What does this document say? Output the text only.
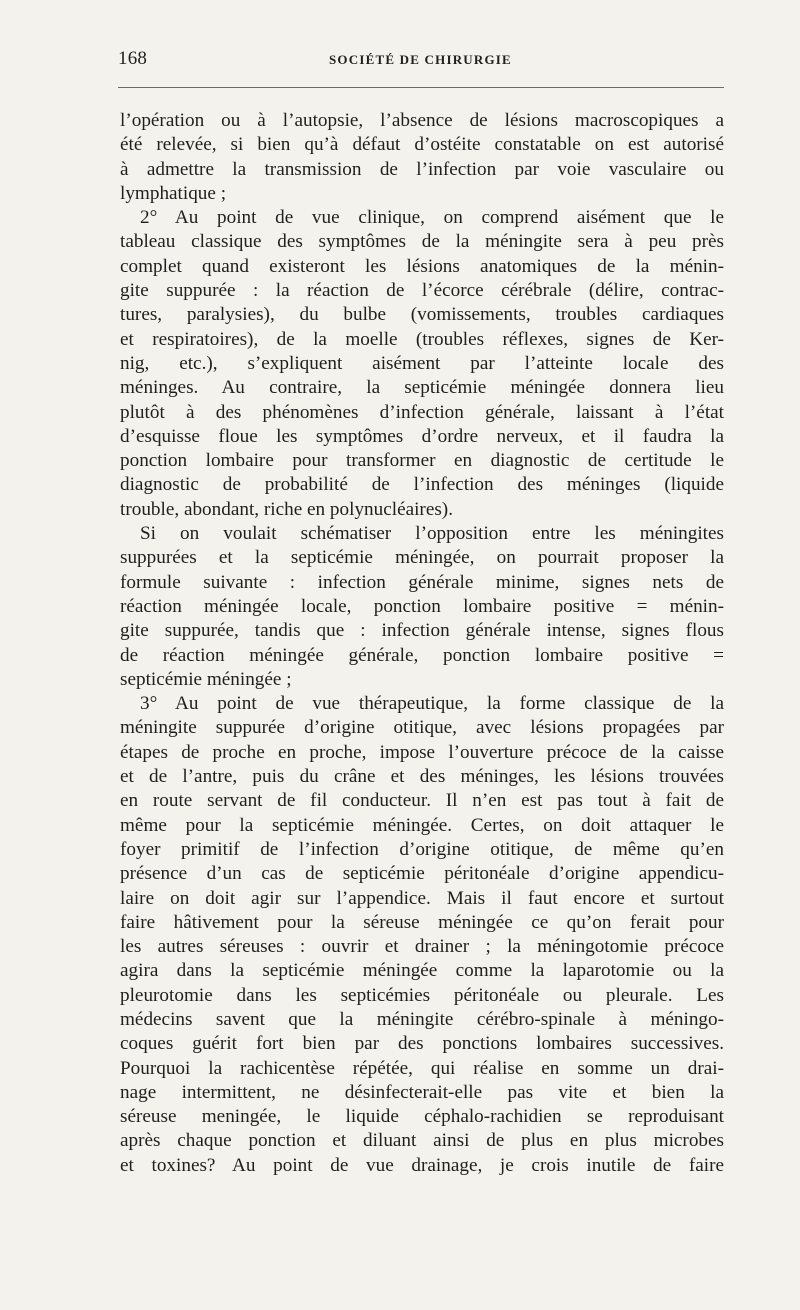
168	SOCIÉTÉ DE CHIRURGIE
l’opération ou à l’autopsie, l’absence de lésions macroscopiques a
été relevée, si bien qu’à défaut d’ostéite constatable on est autorisé
à admettre la transmission de l’infection par voie vasculaire ou
lymphatique ;
2° Au point de vue clinique, on comprend aisément que le
tableau classique des symptômes de la méningite sera à peu près
complet quand existeront les lésions anatomiques de la ménin-
gite suppurée : la réaction de l’écorce cérébrale (délire, contrac-
tures, paralysies), du bulbe (vomissements, troubles cardiaques
et respiratoires), de la moelle (troubles réflexes, signes de Ker-
nig, etc.), s’expliquent aisément par l’atteinte locale des
méninges. Au contraire, la septicémie méningée donnera lieu
plutôt à des phénomènes d’infection générale, laissant à l’état
d’esquisse floue les symptômes d’ordre nerveux, et il faudra la
ponction lombaire pour transformer en diagnostic de certitude le
diagnostic de probabilité de l’infection des méninges (liquide
trouble, abondant, riche en polynucléaires).
Si on voulait schématiser l’opposition entre les méningites
suppurées et la septicémie méningée, on pourrait proposer la
formule suivante : infection générale minime, signes nets de
réaction méningée locale, ponction lombaire positive = ménin-
gite suppurée, tandis que : infection générale intense, signes flous
de réaction méningée générale, ponction lombaire positive =
septicémie méningée ;
3° Au point de vue thérapeutique, la forme classique de la
méningite suppurée d’origine otitique, avec lésions propagées par
étapes de proche en proche, impose l’ouverture précoce de la caisse
et de l’antre, puis du crâne et des méninges, les lésions trouvées
en route servant de fil conducteur. Il n’en est pas tout à fait de
même pour la septicémie méningée. Certes, on doit attaquer le
foyer primitif de l’infection d’origine otitique, de même qu’en
présence d’un cas de septicémie péritonéale d’origine appendicu-
laire on doit agir sur l’appendice. Mais il faut encore et surtout
faire hâtivement pour la séreuse méningée ce qu’on ferait pour
les autres séreuses : ouvrir et drainer ; la méningotomie précoce
agira dans la septicémie méningée comme la laparotomie ou la
pleurotomie dans les septicémies péritonéale ou pleurale. Les
médecins savent que la méningite cérébro-spinale à méningo-
coques guérit fort bien par des ponctions lombaires successives.
Pourquoi la rachicentèse répétée, qui réalise en somme un drai-
nage intermittent, ne désinfecterait-elle pas vite et bien la
séreuse meningée, le liquide céphalo-rachidien se reproduisant
après chaque ponction et diluant ainsi de plus en plus microbes
et toxines? Au point de vue drainage, je crois inutile de faire
